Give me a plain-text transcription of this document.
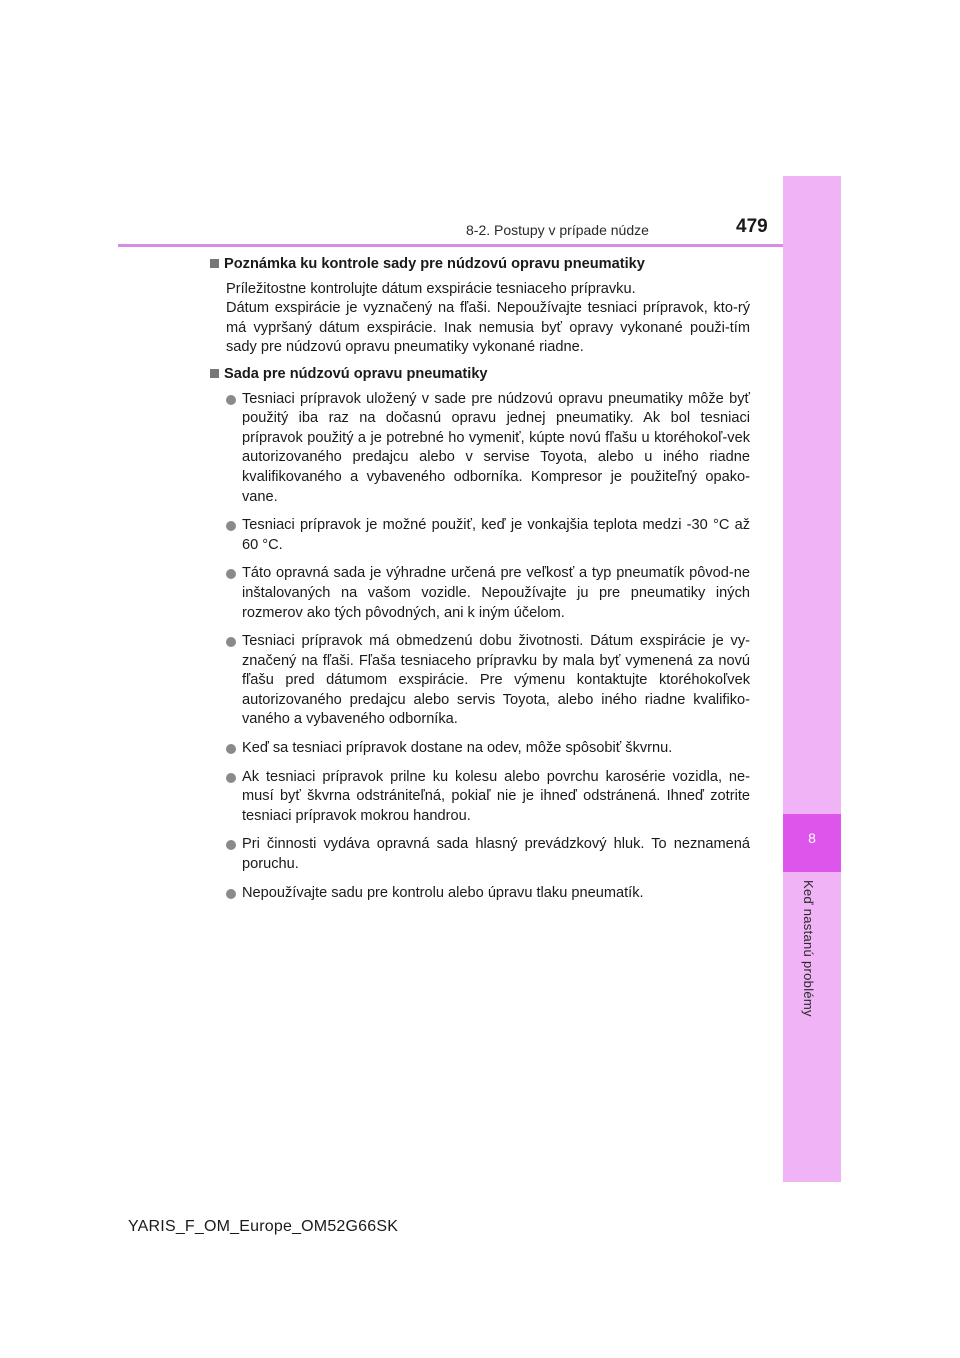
8
Keď nastanú problémy
8-2. Postupy v prípade núdze	479
Poznámka ku kontrole sady pre núdzovú opravu pneumatiky
Príležitostne kontrolujte dátum exspirácie tesniaceho prípravku.
Dátum exspirácie je vyznačený na fľaši. Nepoužívajte tesniaci prípravok, kto-rý má vypršaný dátum exspirácie. Inak nemusia byť opravy vykonané použi-tím sady pre núdzovú opravu pneumatiky vykonané riadne.
Sada pre núdzovú opravu pneumatiky
Tesniaci prípravok uložený v sade pre núdzovú opravu pneumatiky môže byť použitý iba raz na dočasnú opravu jednej pneumatiky. Ak bol tesniaci prípravok použitý a je potrebné ho vymeniť, kúpte novú fľašu u ktoréhokoľ-vek autorizovaného predajcu alebo v servise Toyota, alebo u iného riadne kvalifikovaného a vybaveného odborníka. Kompresor je použiteľný opako-vane.
Tesniaci prípravok je možné použiť, keď je vonkajšia teplota medzi -30 °C až 60 °C.
Táto opravná sada je výhradne určená pre veľkosť a typ pneumatík pôvod-ne inštalovaných na vašom vozidle. Nepoužívajte ju pre pneumatiky iných rozmerov ako tých pôvodných, ani k iným účelom.
Tesniaci prípravok má obmedzenú dobu životnosti. Dátum exspirácie je vy-značený na fľaši. Fľaša tesniaceho prípravku by mala byť vymenená za novú fľašu pred dátumom exspirácie. Pre výmenu kontaktujte ktoréhokoľvek autorizovaného predajcu alebo servis Toyota, alebo iného riadne kvalifiko-vaného a vybaveného odborníka.
Keď sa tesniaci prípravok dostane na odev, môže spôsobiť škvrnu.
Ak tesniaci prípravok prilne ku kolesu alebo povrchu karosérie vozidla, ne-musí byť škvrna odstrániteľná, pokiaľ nie je ihneď odstránená. Ihneď zotrite tesniaci prípravok mokrou handrou.
Pri činnosti vydáva opravná sada hlasný prevádzkový hluk. To neznamená poruchu.
Nepoužívajte sadu pre kontrolu alebo úpravu tlaku pneumatík.
YARIS_F_OM_Europe_OM52G66SK
